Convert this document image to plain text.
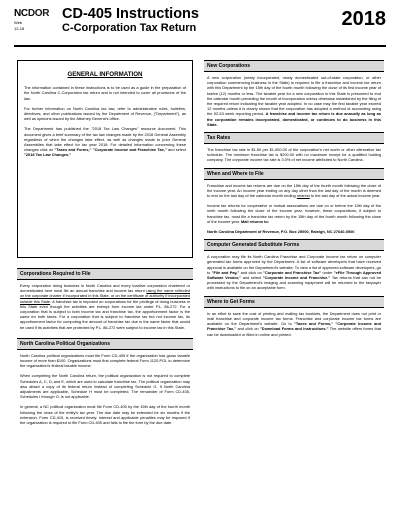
NCDOR
Web
12-18
CD-405 Instructions
C-Corporation Tax Return	2018
GENERAL INFORMATION

The information contained in these instructions is to be used as a guide in the preparation of the North Carolina C-Corporation tax return and is not intended to cover all provisions of the law.

For further information on North Carolina tax law, refer to administrative rules, bulletins, directives, and other publications issued by the Department of Revenue, ("Department"), as well as opinions issued by the Attorney General's office.

The Department has published the "2018 Tax Law Changes" resource document. This document gives a brief summary of the tax law changes made by the 2018 General Assembly regardless of when the changes take effect, as well as changes made to prior General Assemblies that take effect for tax year 2018. For detailed information concerning these changes click on "Taxes and Forms," "Corporate Income and Franchise Tax," and select "2018 Tax Law Changes."

Corporations Required to File

Every corporation doing business in North Carolina and every inactive corporation chartered or domesticated here must file an annual franchise and income tax return using the name reflected on the corporate charter if incorporated in this State, or on the certificate of authority if incorporated outside this State. A franchise tax is imposed on corporations for the privilege of doing business in this State even though the activities are exempt from income tax under P.L. 86-272. For a corporation that is subject to both income tax and franchise tax, the apportionment factor is the same for both taxes. For a corporation that is subject to franchise tax but not income tax, its apportionment factor for computing the amount of franchise tax due is the same factor that would be used if its activities that are protected by P.L. 86-272 were subject to income tax in this State.

North Carolina Political Organizations

North Carolina political organizations must file Form CD-405 if the organization has gross taxable income of more than $100. Organizations must first complete federal Form 1120-POL to determine the organization's federal taxable income.

When completing the North Carolina return, the political organization is not required to complete Schedules A, C, D, and E, which are used to calculate franchise tax. The political organization may also attach a copy of its federal return instead of completing Schedule G. If North Carolina adjustments are applicable, Schedule H must be completed. The remainder of Form CD-405, Schedules I through O, is not applicable.

In general, a NC political organization must file Form CD-405 by the 15th day of the fourth month following the close of the entity's tax year. The due date may be extended for six months if the extension, Form CD-419, is received timely. Interest and applicable penalties may be imposed if the organization is required to file Form CD-405 and fails to file the form by the due date.

New Corporations

A new corporation (newly incorporated, newly domesticated out-of-state corporation, or other corporation commencing business in the State) is required to file a franchise and income tax return with this Department by the 15th day of the fourth month following the close of its first income year of twelve (12) months or less. The taxable year for a new corporation in this State is presumed to end the calendar month preceding the month of incorporation unless otherwise established by the filing of the required return indicating the taxable year adopted. In no case may the first taxable year exceed 12 months unless it is clearly shown that the corporation has adopted a method of accounting using the 52-53 week reporting period. A franchise and income tax return is due annually as long as the corporation remains incorporated, domesticated, or continues to do business in this State.

Tax Rates

The franchise tax rate is $1.50 per $1,000.00 of the corporation's net worth or other alternative tax schedule. The minimum franchise tax is $200.00 with no maximum except for a qualified holding company. The corporate income tax rate is 3.0% of net income attributed to North Carolina.

When and Where to File

Franchise and income tax returns are due on the 15th day of the fourth month following the close of the income year. An income year ending on any day other than the last day of the month is deemed to end on the last day of the calendar month ending nearest to the last day of the actual income year.

Income tax returns for cooperative or mutual associations are due on or before the 15th day of the ninth month following the close of the income year; however, these corporations, if subject to franchise tax, must file a franchise tax return by the 15th day of the fourth month following the close of the income year. Mail returns to:

North Carolina Department of Revenue, P.O. Box 25000, Raleigh, NC 27640-0500

Computer Generated Substitute Forms

A corporation may file its North Carolina Franchise and Corporate Income tax return on computer generated tax forms approved by the Department. A list of software developers that have received approval is available on the Department's website. To view a list of approved software developers, go to "File and Pay," and click on "Corporate and Franchise Tax" under "eFile Through Approved Software Vendor," and select "Corporate Income and Franchise." Tax returns that can not be processed by the Department's imaging and scanning equipment will be returned to the taxpayer with instructions to file on an acceptable form.

Where to Get Forms

In an effort to save the cost of printing and mailing tax booklets, the Department does not print or mail franchise and corporate income tax forms. Franchise and corporate income tax forms are available on the Department's website. Go to "Taxes and Forms," "Corporate Income and Franchise Tax," and click on "Download Forms and Instructions." The website offers forms that can be downloaded or filled in online and printed.
